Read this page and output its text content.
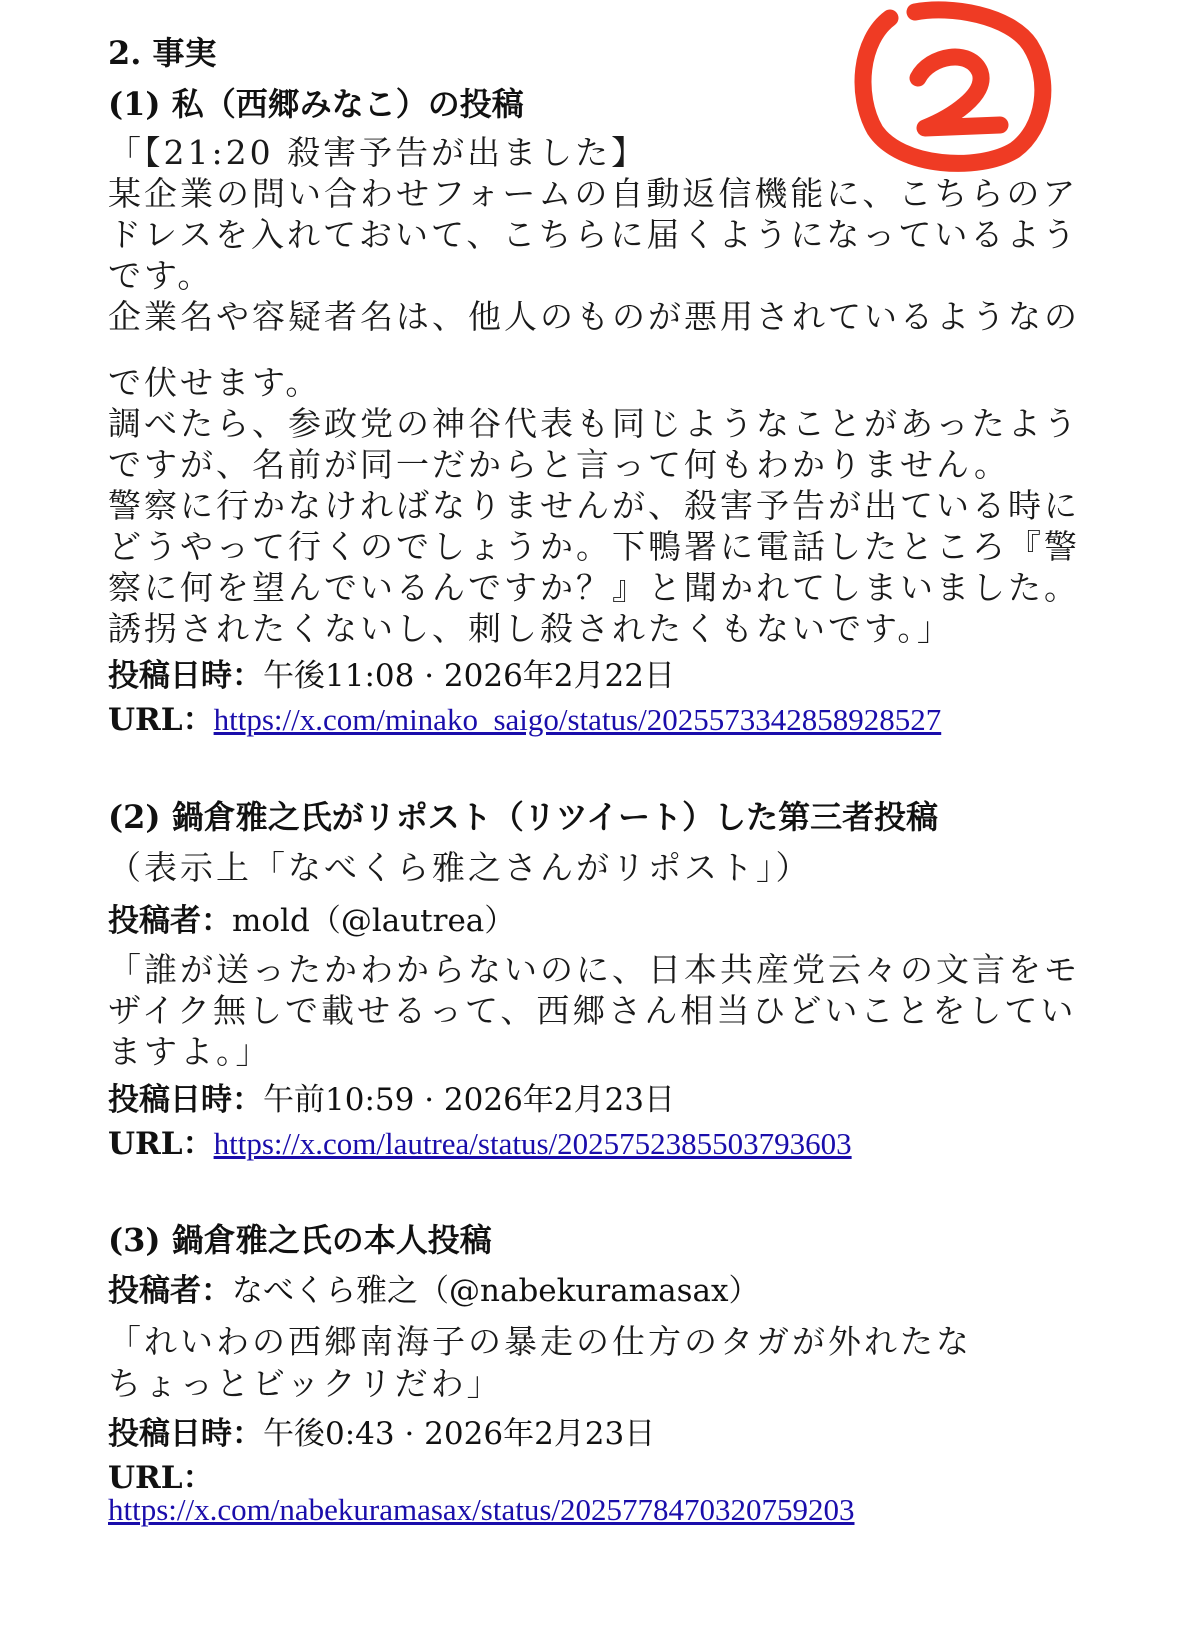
2. 事実
(1) 私（西郷みなこ）の投稿
「【21:20 殺害予告が出ました】
某企業の問い合わせフォームの自動返信機能に、こちらのア
ドレスを入れておいて、こちらに届くようになっているよう
です。
企業名や容疑者名は、他人のものが悪用されているようなの
で伏せます。
調べたら、参政党の神谷代表も同じようなことがあったよう
ですが、名前が同一だからと言って何もわかりません。
警察に行かなければなりませんが、殺害予告が出ている時に
どうやって行くのでしょうか。下鴨署に電話したところ『警
察に何を望んでいるんですか？』と聞かれてしまいました。
誘拐されたくないし、刺し殺されたくもないです。」
投稿日時：午後11:08 · 2026年2月22日
URL：https://x.com/minako_saigo/status/2025573342858928527
(2) 鍋倉雅之氏がリポスト（リツイート）した第三者投稿
（表示上「なべくら雅之さんがリポスト」）
投稿者：mold（@lautrea）
「誰が送ったかわからないのに、日本共産党云々の文言をモ
ザイク無しで載せるって、西郷さん相当ひどいことをしてい
ますよ。」
投稿日時：午前10:59 · 2026年2月23日
URL：https://x.com/lautrea/status/2025752385503793603
(3) 鍋倉雅之氏の本人投稿
投稿者：なべくら雅之（@nabekuramasax）
「れいわの西郷南海子の暴走の仕方のタガが外れたな
ちょっとビックリだわ」
投稿日時：午後0:43 · 2026年2月23日
URL：
https://x.com/nabekuramasax/status/2025778470320759203
